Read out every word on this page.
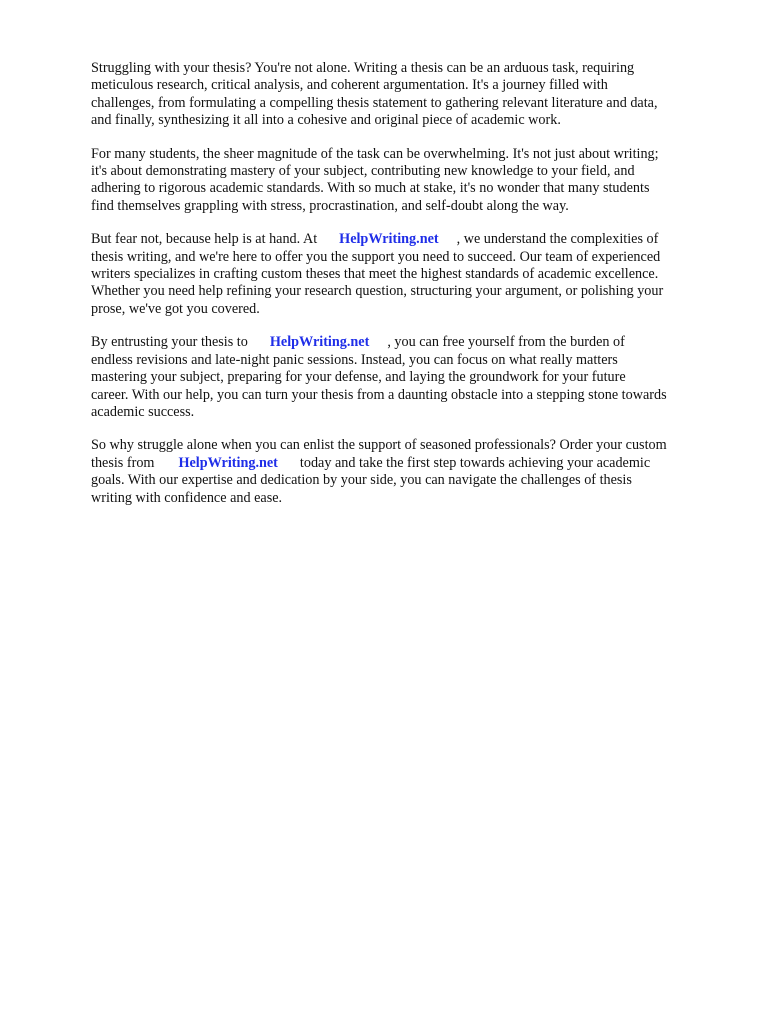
Struggling with your thesis? You're not alone. Writing a thesis can be an arduous task, requiring
meticulous research, critical analysis, and coherent argumentation. It's a journey filled with
challenges, from formulating a compelling thesis statement to gathering relevant literature and data,
and finally, synthesizing it all into a cohesive and original piece of academic work.

For many students, the sheer magnitude of the task can be overwhelming. It's not just about writing;
it's about demonstrating mastery of your subject, contributing new knowledge to your field, and
adhering to rigorous academic standards. With so much at stake, it's no wonder that many students
find themselves grappling with stress, procrastination, and self-doubt along the way.

But fear not, because help is at hand. At HelpWriting.net , we understand the complexities of
thesis writing, and we're here to offer you the support you need to succeed. Our team of experienced
writers specializes in crafting custom theses that meet the highest standards of academic excellence.
Whether you need help refining your research question, structuring your argument, or polishing your
prose, we've got you covered.

By entrusting your thesis to HelpWriting.net , you can free yourself from the burden of
endless revisions and late-night panic sessions. Instead, you can focus on what really matters
mastering your subject, preparing for your defense, and laying the groundwork for your future
career. With our help, you can turn your thesis from a daunting obstacle into a stepping stone towards
academic success.

So why struggle alone when you can enlist the support of seasoned professionals? Order your custom
thesis from HelpWriting.net today and take the first step towards achieving your academic
goals. With our expertise and dedication by your side, you can navigate the challenges of thesis
writing with confidence and ease.
